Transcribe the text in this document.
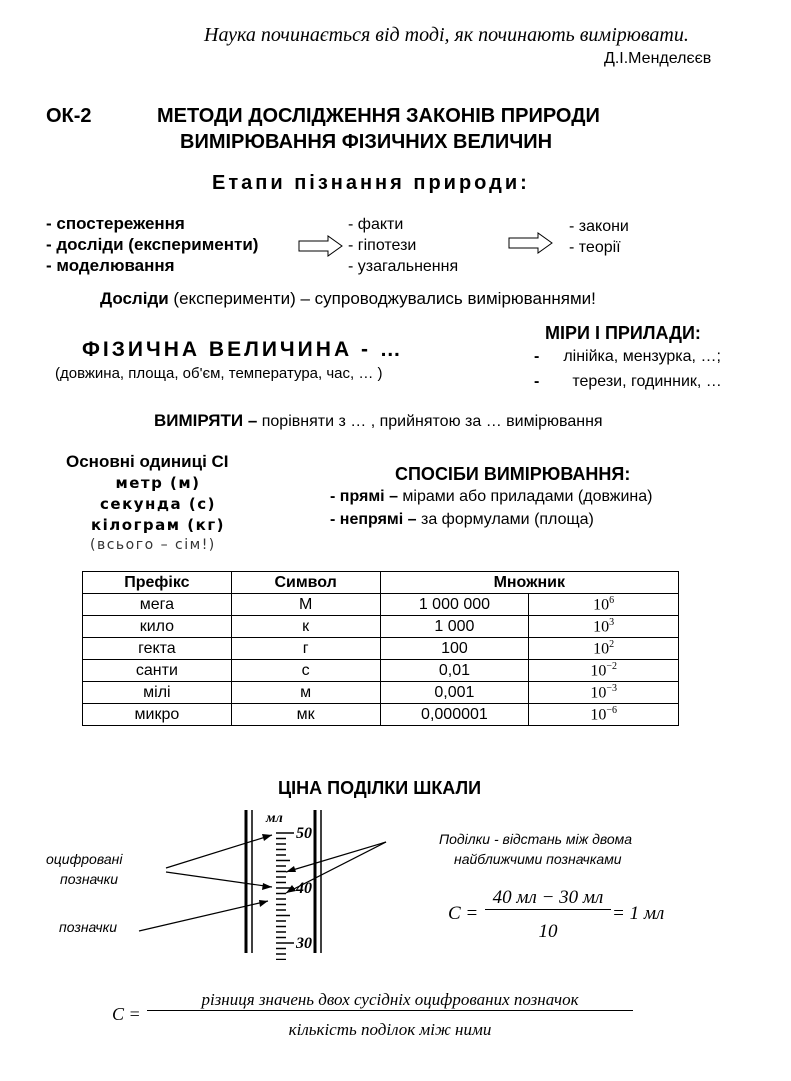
Наука починається від тоді, як починають вимірювати.
Д.І.Менделєєв
ОК-2	МЕТОДИ ДОСЛІДЖЕННЯ ЗАКОНІВ ПРИРОДИ
ВИМІРЮВАННЯ ФІЗИЧНИХ ВЕЛИЧИН
Етапи пізнання природи:
- спостереження
- досліди (експерименти)
- моделювання
- факти
- гіпотези
- узагальнення
- закони
- теорії
Досліди (експерименти) – супроводжувались вимірюваннями!
ФІЗИЧНА ВЕЛИЧИНА - …
(довжина, площа, об'єм, температура, час, … )
МІРИ І ПРИЛАДИ:
- лінійка, мензурка, …;
- терези, годинник, …
ВИМІРЯТИ – порівняти з … , прийнятою за … вимірювання
Основні одиниці СІ
метр (м)
секунда (с)
кілограм (кг)
(всього – сім!)
СПОСІБИ ВИМІРЮВАННЯ:
- прямі – мірами або приладами (довжина)
- непрямі – за формулами (площа)
Префікс	Символ	Множник	
мега	М	1 000 000	$10^6$
кило	к	1 000	$10^3$
гекта	г	100	$10^2$
санти	с	0,01	$10^{-2}$
мілі	м	0,001	$10^{-3}$
микро	мк	0,000001	$10^{-6}$
ЦІНА ПОДІЛКИ ШКАЛИ
мл
50
40
30
оцифровані
позначки
позначки
Поділки - відстань між двома
найближчими позначками
C =
40 мл − 30 мл
10
= 1 мл
C =
різниця значень двох сусідніх оцифрованих позначок
кількість поділок між ними
